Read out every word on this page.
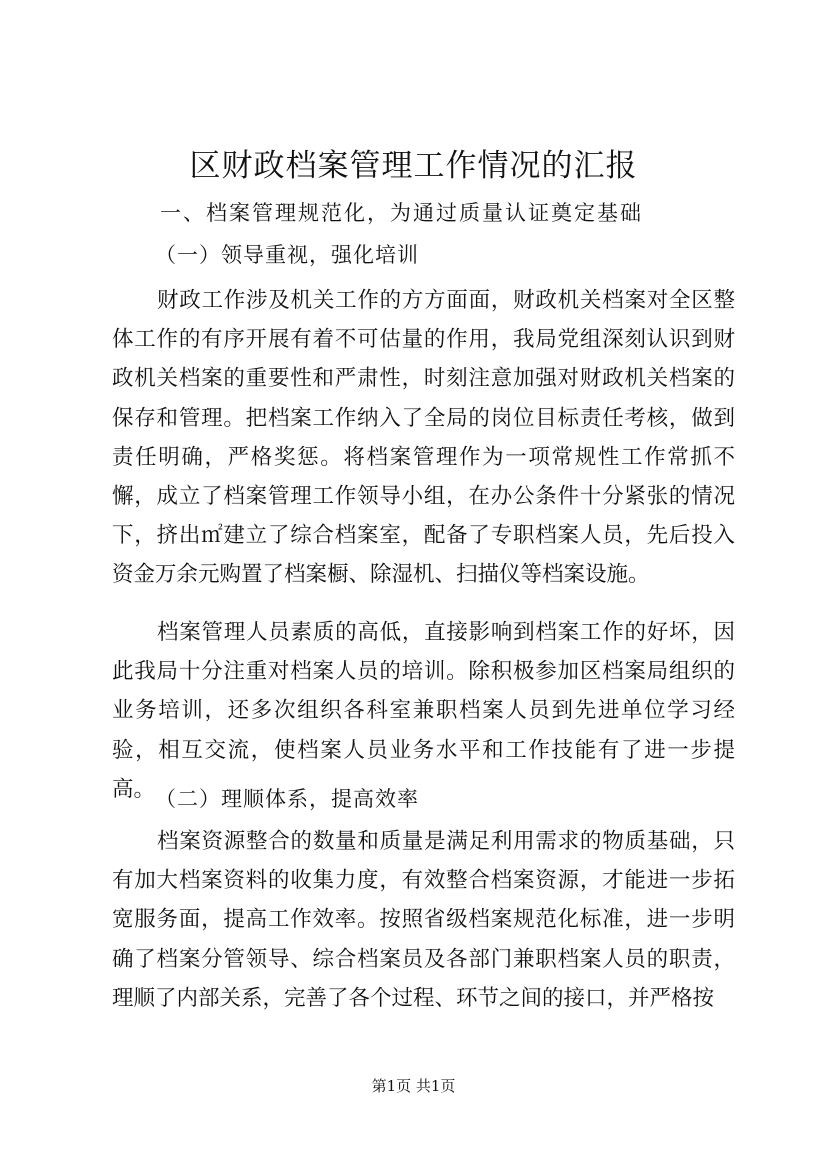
区财政档案管理工作情况的汇报

一、档案管理规范化，为通过质量认证奠定基础

（一）领导重视，强化培训

财政工作涉及机关工作的方方面面，财政机关档案对全区整体工作的有序开展有着不可估量的作用，我局党组深刻认识到财政机关档案的重要性和严肃性，时刻注意加强对财政机关档案的保存和管理。把档案工作纳入了全局的岗位目标责任考核，做到责任明确，严格奖惩。将档案管理作为一项常规性工作常抓不懈，成立了档案管理工作领导小组，在办公条件十分紧张的情况下，挤出㎡建立了综合档案室，配备了专职档案人员，先后投入资金万余元购置了档案橱、除湿机、扫描仪等档案设施。

档案管理人员素质的高低，直接影响到档案工作的好坏，因此我局十分注重对档案人员的培训。除积极参加区档案局组织的业务培训，还多次组织各科室兼职档案人员到先进单位学习经验，相互交流，使档案人员业务水平和工作技能有了进一步提高。 （二）理顺体系，提高效率

档案资源整合的数量和质量是满足利用需求的物质基础，只有加大档案资料的收集力度，有效整合档案资源，才能进一步拓宽服务面，提高工作效率。按照省级档案规范化标准，进一步明确了档案分管领导、综合档案员及各部门兼职档案人员的职责，理顺了内部关系，完善了各个过程、环节之间的接口，并严格按

第1页 共1页
